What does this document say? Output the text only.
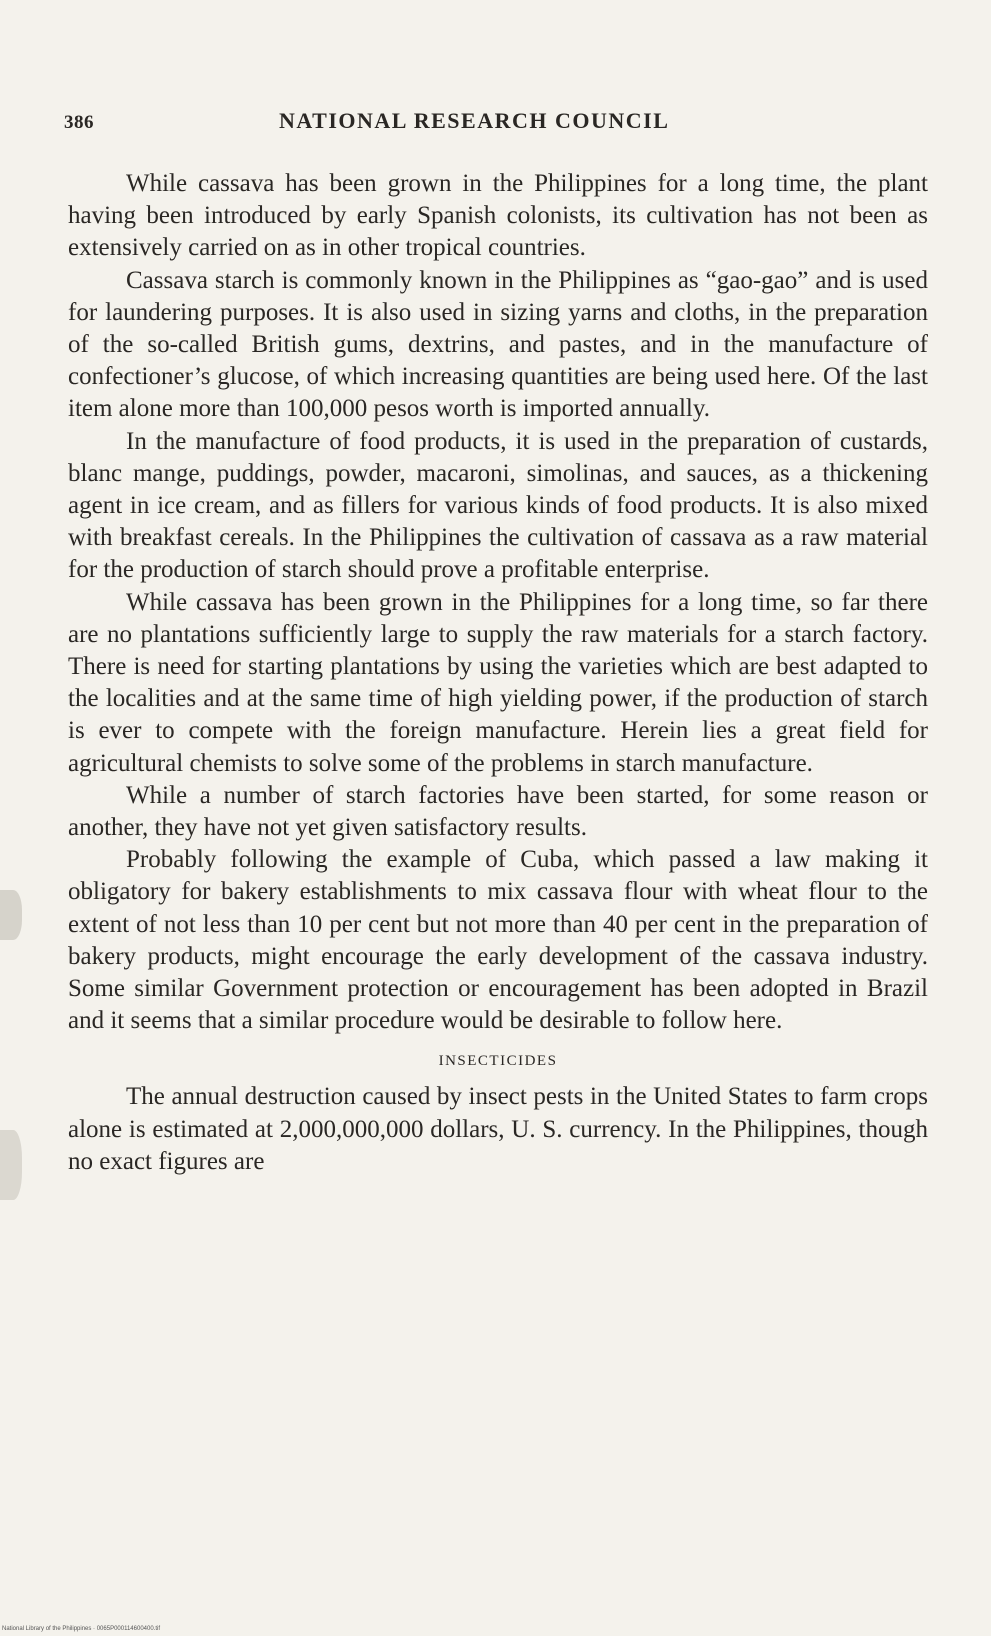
386	NATIONAL RESEARCH COUNCIL

While cassava has been grown in the Philippines for a long time, the plant having been introduced by early Spanish colonists, its cultivation has not been as extensively carried on as in other tropical countries.

Cassava starch is commonly known in the Philippines as “gao-gao” and is used for laundering purposes. It is also used in sizing yarns and cloths, in the preparation of the so-called British gums, dextrins, and pastes, and in the manufacture of confectioner’s glucose, of which increasing quantities are being used here. Of the last item alone more than 100,000 pesos worth is imported annually.

In the manufacture of food products, it is used in the preparation of custards, blanc mange, puddings, powder, macaroni, simolinas, and sauces, as a thickening agent in ice cream, and as fillers for various kinds of food products. It is also mixed with breakfast cereals. In the Philippines the cultivation of cassava as a raw material for the production of starch should prove a profitable enterprise.

While cassava has been grown in the Philippines for a long time, so far there are no plantations sufficiently large to supply the raw materials for a starch factory. There is need for starting plantations by using the varieties which are best adapted to the localities and at the same time of high yielding power, if the production of starch is ever to compete with the foreign manufacture. Herein lies a great field for agricultural chemists to solve some of the problems in starch manufacture.

While a number of starch factories have been started, for some reason or another, they have not yet given satisfactory results.

Probably following the example of Cuba, which passed a law making it obligatory for bakery establishments to mix cassava flour with wheat flour to the extent of not less than 10 per cent but not more than 40 per cent in the preparation of bakery products, might encourage the early development of the cassava industry. Some similar Government protection or encouragement has been adopted in Brazil and it seems that a similar procedure would be desirable to follow here.

INSECTICIDES

The annual destruction caused by insect pests in the United States to farm crops alone is estimated at 2,000,000,000 dollars, U. S. currency. In the Philippines, though no exact figures are

National Library of the Philippines · 0065P000114600400.tif
